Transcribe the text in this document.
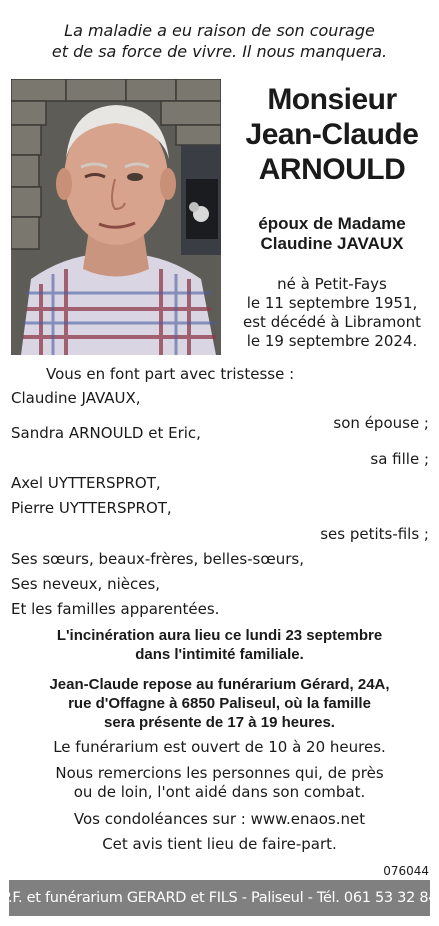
La maladie a eu raison de son courage
et de sa force de vivre. Il nous manquera.
Monsieur
Jean-Claude
ARNOULD
époux de Madame
Claudine JAVAUX
né à Petit-Fays
le 11 septembre 1951,
est décédé à Libramont
le 19 septembre 2024.
Vous en font part avec tristesse :
Claudine JAVAUX,
son épouse ;
Sandra ARNOULD et Eric,
sa fille ;
Axel UYTTERSPROT,
Pierre UYTTERSPROT,
ses petits-fils ;
Ses sœurs, beaux-frères, belles-sœurs,
Ses neveux, nièces,
Et les familles apparentées.
L'incinération aura lieu ce lundi 23 septembre
dans l'intimité familiale.
Jean-Claude repose au funérarium Gérard, 24A,
rue d'Offagne à 6850 Paliseul, où la famille
sera présente de 17 à 19 heures.
Le funérarium est ouvert de 10 à 20 heures.
Nous remercions les personnes qui, de près
ou de loin, l'ont aidé dans son combat.
Vos condoléances sur : www.enaos.net
Cet avis tient lieu de faire-part.
076044
P.F. et funérarium GERARD et FILS - Paliseul - Tél. 061 53 32 84
